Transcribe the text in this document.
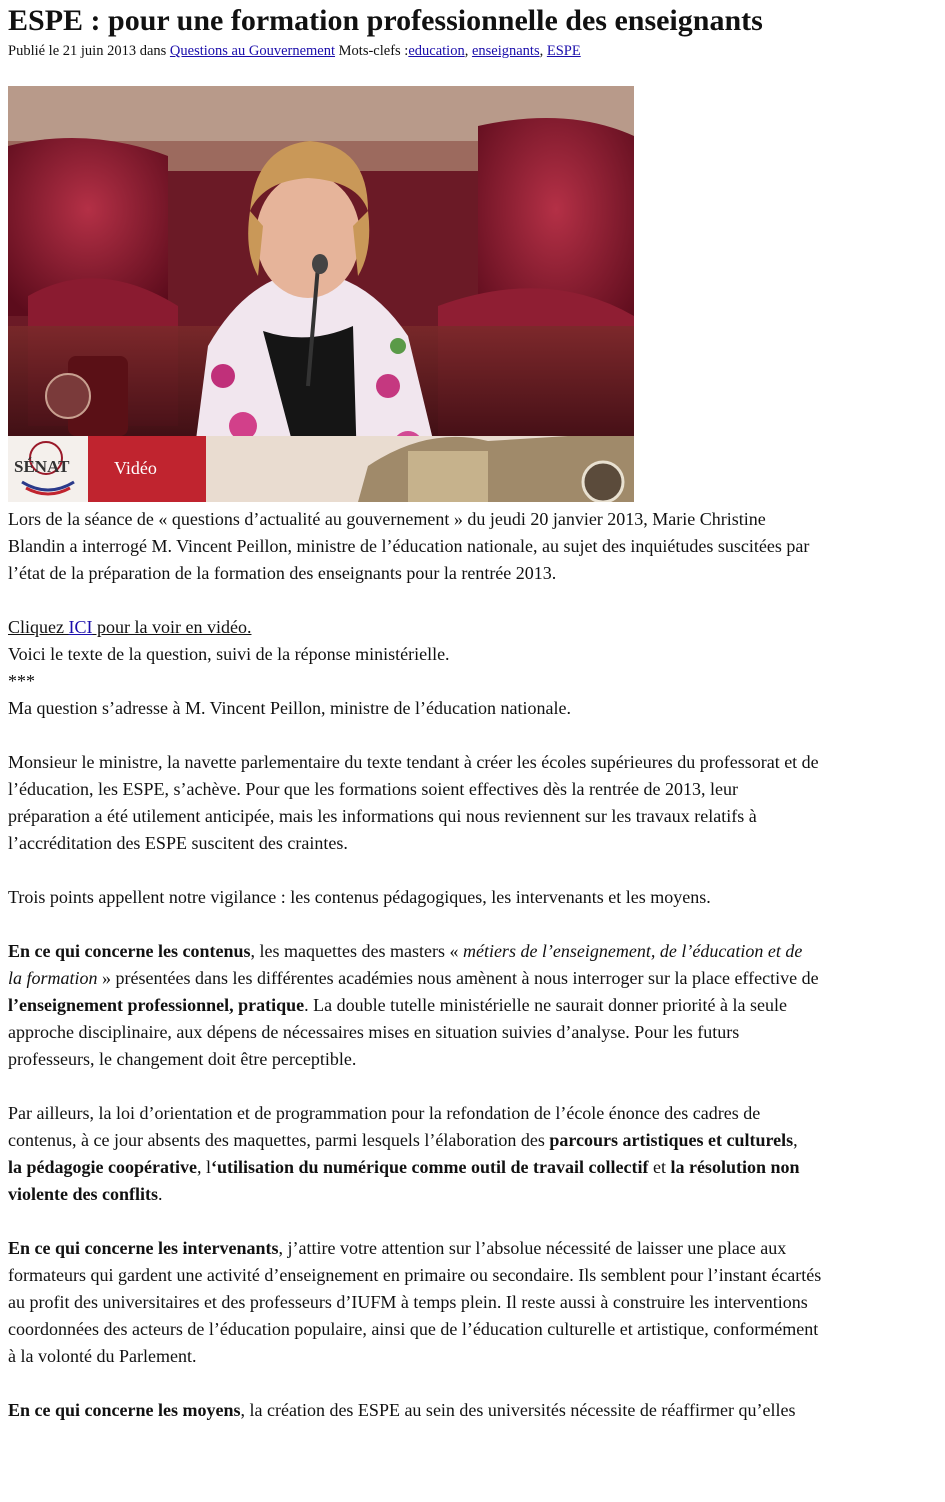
ESPE : pour une formation professionnelle des enseignants
Publié le 21 juin 2013 dans Questions au Gouvernement Mots-clefs :education, enseignants, ESPE
SÉNAT Vidéo

Lors de la séance de « questions d’actualité au gouvernement » du jeudi 20 janvier 2013, Marie Christine

Blandin a interrogé M. Vincent Peillon, ministre de l’éducation nationale, au sujet des inquiétudes suscitées par

l’état de la préparation de la formation des enseignants pour la rentrée 2013.

Cliquez ICI pour la voir en vidéo.

Voici le texte de la question, suivi de la réponse ministérielle.

***

Ma question s’adresse à M. Vincent Peillon, ministre de l’éducation nationale.

Monsieur le ministre, la navette parlementaire du texte tendant à créer les écoles supérieures du professorat et de

l’éducation, les ESPE, s’achève. Pour que les formations soient effectives dès la rentrée de 2013, leur

préparation a été utilement anticipée, mais les informations qui nous reviennent sur les travaux relatifs à

l’accréditation des ESPE suscitent des craintes.

Trois points appellent notre vigilance : les contenus pédagogiques, les intervenants et les moyens.

En ce qui concerne les contenus, les maquettes des masters « métiers de l’enseignement, de l’éducation et de

la formation » présentées dans les différentes académies nous amènent à nous interroger sur la place effective de

l’enseignement professionnel, pratique. La double tutelle ministérielle ne saurait donner priorité à la seule

approche disciplinaire, aux dépens de nécessaires mises en situation suivies d’analyse. Pour les futurs

professeurs, le changement doit être perceptible.

Par ailleurs, la loi d’orientation et de programmation pour la refondation de l’école énonce des cadres de

contenus, à ce jour absents des maquettes, parmi lesquels l’élaboration des parcours artistiques et culturels,

la pédagogie coopérative, l‘utilisation du numérique comme outil de travail collectif et la résolution non

violente des conflits.

En ce qui concerne les intervenants, j’attire votre attention sur l’absolue nécessité de laisser une place aux

formateurs qui gardent une activité d’enseignement en primaire ou secondaire. Ils semblent pour l’instant écartés

au profit des universitaires et des professeurs d’IUFM à temps plein. Il reste aussi à construire les interventions

coordonnées des acteurs de l’éducation populaire, ainsi que de l’éducation culturelle et artistique, conformément

à la volonté du Parlement.

En ce qui concerne les moyens, la création des ESPE au sein des universités nécessite de réaffirmer qu’elles
